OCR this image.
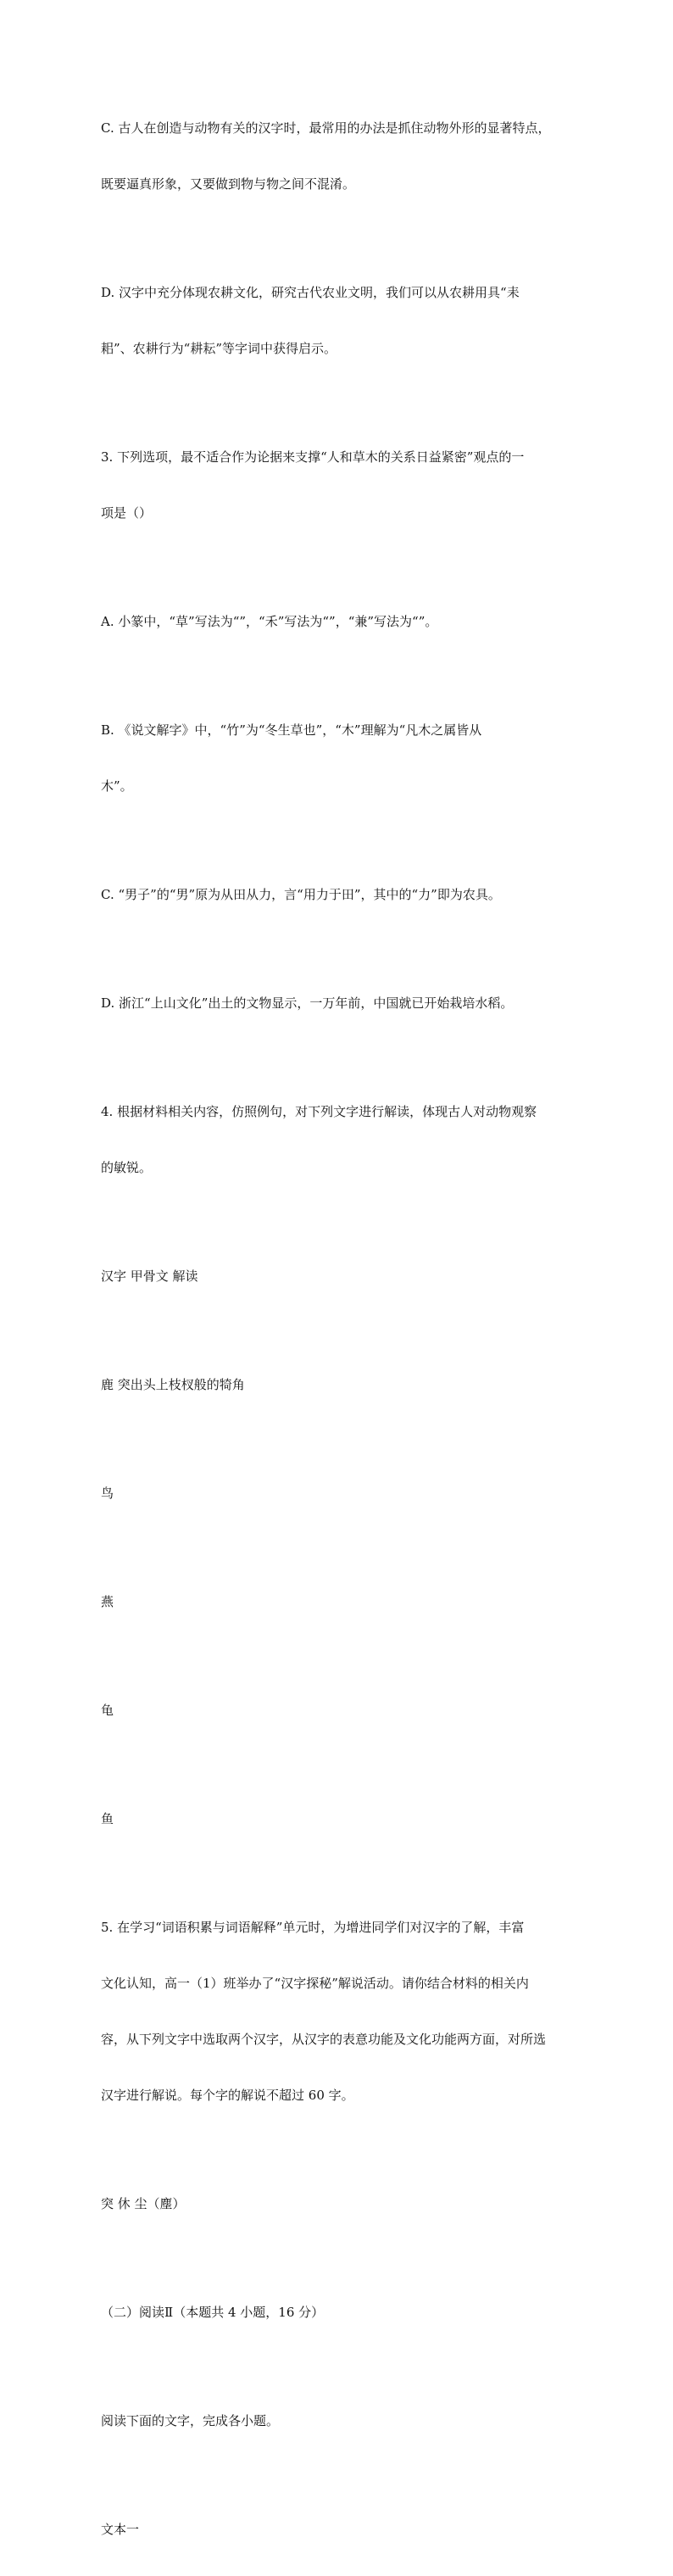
C. 古人在创造与动物有关的汉字时，最常用的办法是抓住动物外形的显著特点，

既要逼真形象，又要做到物与物之间不混淆。

D. 汉字中充分体现农耕文化，研究古代农业文明，我们可以从农耕用具“耒

耜”、农耕行为“耕耘”等字词中获得启示。

3. 下列选项，最不适合作为论据来支撑“人和草木的关系日益紧密”观点的一

项是（）

A. 小篆中，“草”写法为“”，“禾”写法为“”，“兼”写法为“”。

B. 《说文解字》中，“竹”为“冬生草也”，“木”理解为“凡木之属皆从

木”。

C. “男子”的“男”原为从田从力，言“用力于田”，其中的“力”即为农具。

D. 浙江“上山文化”出土的文物显示，一万年前，中国就已开始栽培水稻。

4. 根据材料相关内容，仿照例句，对下列文字进行解读，体现古人对动物观察

的敏锐。

汉字 甲骨文 解读

鹿 突出头上枝杈般的犄角

鸟

燕

龟

鱼

5. 在学习“词语积累与词语解释”单元时，为增进同学们对汉字的了解，丰富

文化认知，高一（1）班举办了“汉字探秘”解说活动。请你结合材料的相关内

容，从下列文字中选取两个汉字，从汉字的表意功能及文化功能两方面，对所选

汉字进行解说。每个字的解说不超过 60 字。

突 休 尘（塵）

（二）阅读Ⅱ（本题共 4 小题，16 分）

阅读下面的文字，完成各小题。

文本一
